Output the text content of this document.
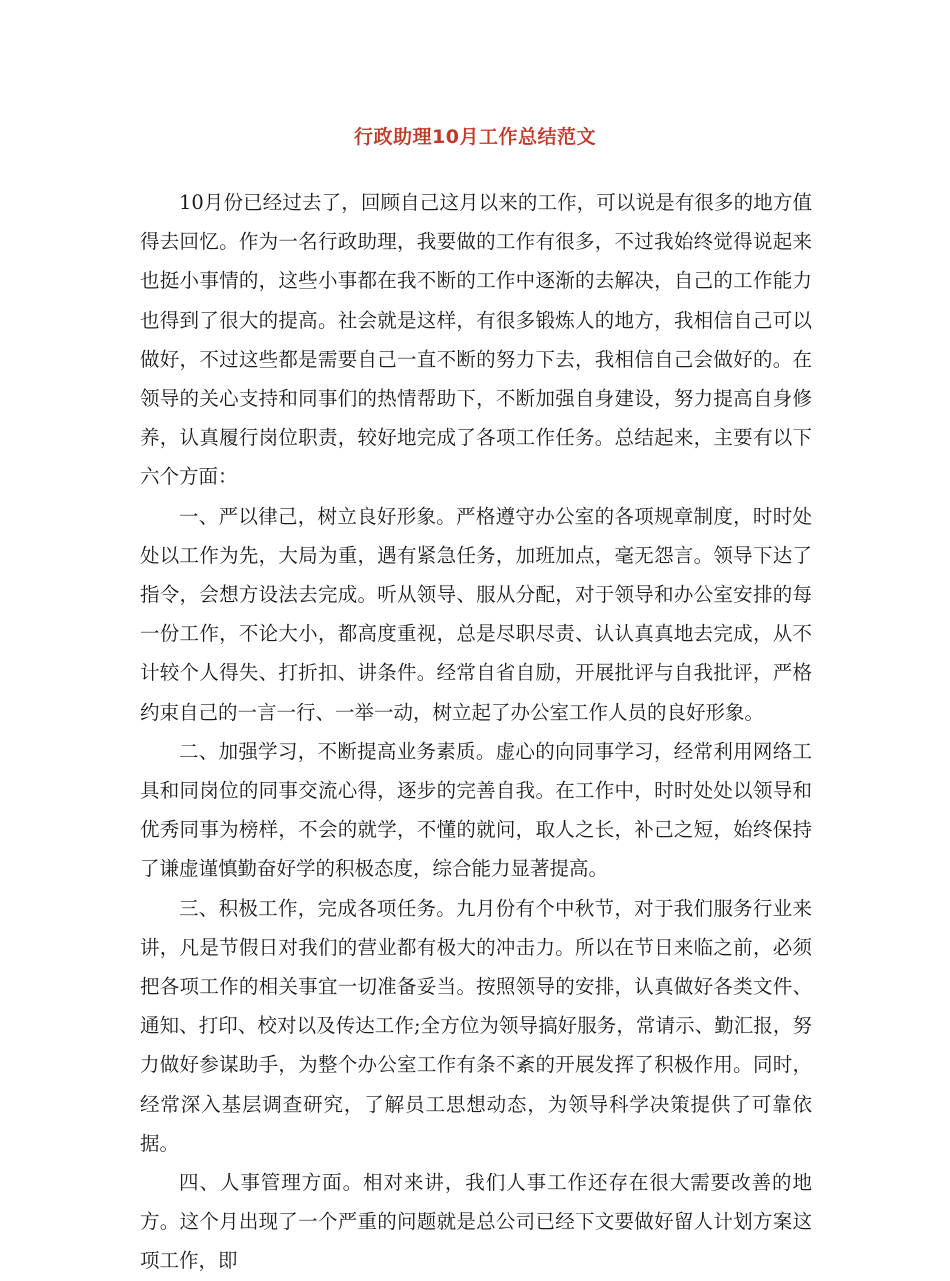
行政助理10月工作总结范文

10月份已经过去了，回顾自己这月以来的工作，可以说是有很多的地方值得去回忆。作为一名行政助理，我要做的工作有很多，不过我始终觉得说起来也挺小事情的，这些小事都在我不断的工作中逐渐的去解决，自己的工作能力也得到了很大的提高。社会就是这样，有很多锻炼人的地方，我相信自己可以做好，不过这些都是需要自己一直不断的努力下去，我相信自己会做好的。在领导的关心支持和同事们的热情帮助下，不断加强自身建设，努力提高自身修养，认真履行岗位职责，较好地完成了各项工作任务。总结起来，主要有以下六个方面：

一、严以律己，树立良好形象。严格遵守办公室的各项规章制度，时时处处以工作为先，大局为重，遇有紧急任务，加班加点，毫无怨言。领导下达了指令，会想方设法去完成。听从领导、服从分配，对于领导和办公室安排的每一份工作，不论大小，都高度重视，总是尽职尽责、认认真真地去完成，从不计较个人得失、打折扣、讲条件。经常自省自励，开展批评与自我批评，严格约束自己的一言一行、一举一动，树立起了办公室工作人员的良好形象。

二、加强学习，不断提高业务素质。虚心的向同事学习，经常利用网络工具和同岗位的同事交流心得，逐步的完善自我。在工作中，时时处处以领导和优秀同事为榜样，不会的就学，不懂的就问，取人之长，补己之短，始终保持了谦虚谨慎勤奋好学的积极态度，综合能力显著提高。

三、积极工作，完成各项任务。九月份有个中秋节，对于我们服务行业来讲，凡是节假日对我们的营业都有极大的冲击力。所以在节日来临之前，必须把各项工作的相关事宜一切准备妥当。按照领导的安排，认真做好各类文件、通知、打印、校对以及传达工作;全方位为领导搞好服务，常请示、勤汇报，努力做好参谋助手，为整个办公室工作有条不紊的开展发挥了积极作用。同时，经常深入基层调查研究，了解员工思想动态，为领导科学决策提供了可靠依据。

四、人事管理方面。相对来讲，我们人事工作还存在很大需要改善的地方。这个月出现了一个严重的问题就是总公司已经下文要做好留人计划方案这项工作，即
